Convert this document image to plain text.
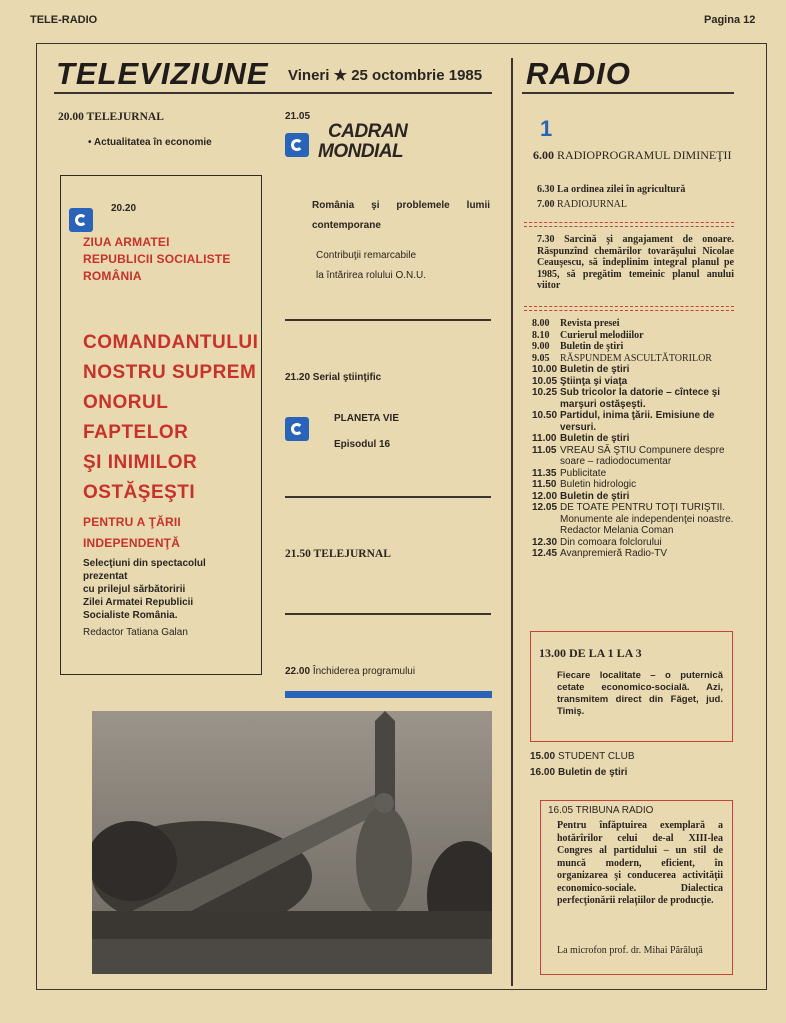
TELE-RADIO	Pagina 12
TELEVIZIUNE Vineri ★ 25 octombrie 1985
20.00 TELEJURNAL
• Actualitatea în economie
20.20
ZIUA ARMATEI
REPUBLICII SOCIALISTE
ROMÂNIA
COMANDANTULUI
NOSTRU SUPREM
ONORUL FAPTELOR
ŞI INIMILOR
OSTĂŞEŞTI
PENTRU A ŢĂRII
INDEPENDENŢĂ
Selecţiuni din spectacolul
prezentat
cu prilejul sărbătoririi
Zilei Armatei Republicii
Socialiste România.
Redactor Tatiana Galan
21.05
CADRAN
MONDIAL
România şi problemele lumii contemporane
Contribuţii remarcabile
la întărirea rolului O.N.U.
21.20 Serial ştiinţific
PLANETA VIE
Episodul 16
21.50 TELEJURNAL
22.00 Închiderea programului
RADIO
1
6.00 RADIOPROGRAMUL DIMINEŢII
6.30 La ordinea zilei în agricultură
7.00 RADIOJURNAL
7.30 Sarcină şi angajament de onoare. Răspunzînd chemărilor tovarăşului Nicolae Ceauşescu, să îndeplinim integral planul pe 1985, să pregătim temeinic planul anului viitor
8.00	Revista presei
8.10	Curierul melodiilor
9.00	Buletin de ştiri
9.05	RĂSPUNDEM ASCULTĂTORILOR
10.00 Buletin de ştiri
10.05 Ştiinţa şi viaţa
10.25 Sub tricolor la datorie – cîntece şi marşuri ostăşeşti.
10.50 Partidul, inima ţării. Emisiune de versuri.
11.00 Buletin de ştiri
11.05 VREAU SĂ ŞTIU Compunere despre soare – radiodocumentar
11.35 Publicitate
11.50 Buletin hidrologic
12.00 Buletin de ştiri
12.05 DE TOATE PENTRU TOŢI TURIŞTII. Monumente ale independenţei noastre. Redactor Melania Coman
12.30 Din comoara folclorului
12.45 Avanpremieră Radio-TV
13.00 DE LA 1 LA 3
Fiecare localitate – o puternică cetate economico-socială. Azi, transmitem direct din Făget, jud. Timiş.
15.00 STUDENT CLUB
16.00 Buletin de ştiri
16.05 TRIBUNA RADIO
Pentru înfăptuirea exemplară a hotărîrilor celui de-al XIII-lea Congres al partidului – un stil de muncă modern, eficient, în organizarea şi conducerea activităţii economico-sociale. Dialectica perfecţionării relaţiilor de producţie.
La microfon prof. dr. Mihai Părăluţă
